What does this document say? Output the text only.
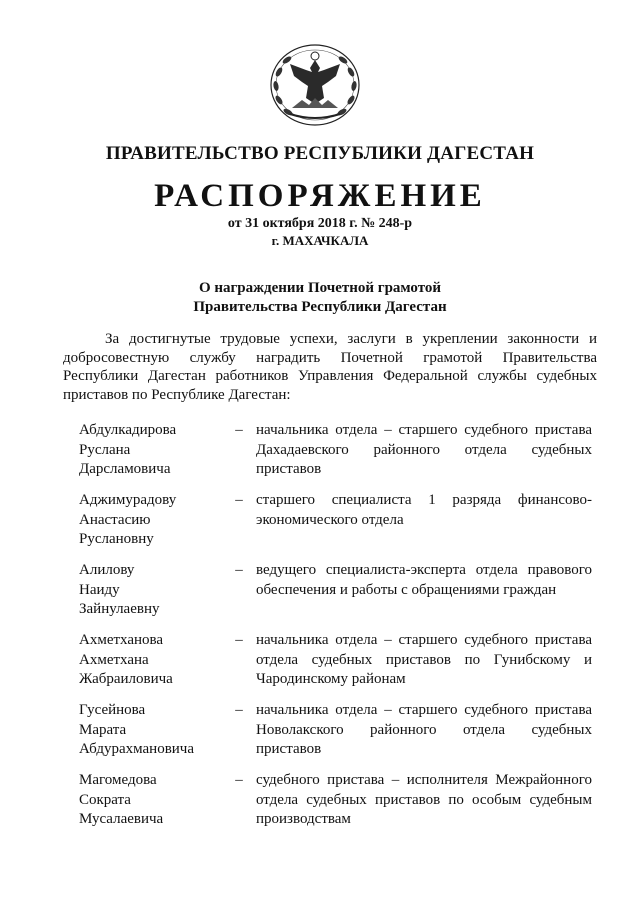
ПРАВИТЕЛЬСТВО РЕСПУБЛИКИ ДАГЕСТАН
РАСПОРЯЖЕНИЕ
от 31 октября 2018 г. № 248-р
г. МАХАЧКАЛА
О награждении Почетной грамотой
Правительства Республики Дагестан
За достигнутые трудовые успехи, заслуги в укреплении законности и
добросовестную службу наградить Почетной грамотой Правительства
Республики Дагестан работников Управления Федеральной службы судебных
приставов по Республике Дагестан:
Абдулкадирова
Руслана
Дарсламовича
– начальника отдела – старшего судебного пристава
Дахадаевского районного отдела судебных
приставов
Аджимурадову
Анастасию
Руслановну
– старшего специалиста 1 разряда финансово-
экономического отдела
Алилову
Наиду
Зайнулаевну
– ведущего специалиста-эксперта отдела правового
обеспечения и работы с обращениями граждан
Ахметханова
Ахметхана
Жабраиловича
– начальника отдела – старшего судебного пристава
отдела судебных приставов по Гунибскому и
Чародинскому районам
Гусейнова
Марата
Абдурахмановича
– начальника отдела – старшего судебного пристава
Новолакского районного отдела судебных
приставов
Магомедова
Сократа
Мусалаевича
– судебного пристава – исполнителя Межрайонного
отдела судебных приставов по особым судебным
производствам
